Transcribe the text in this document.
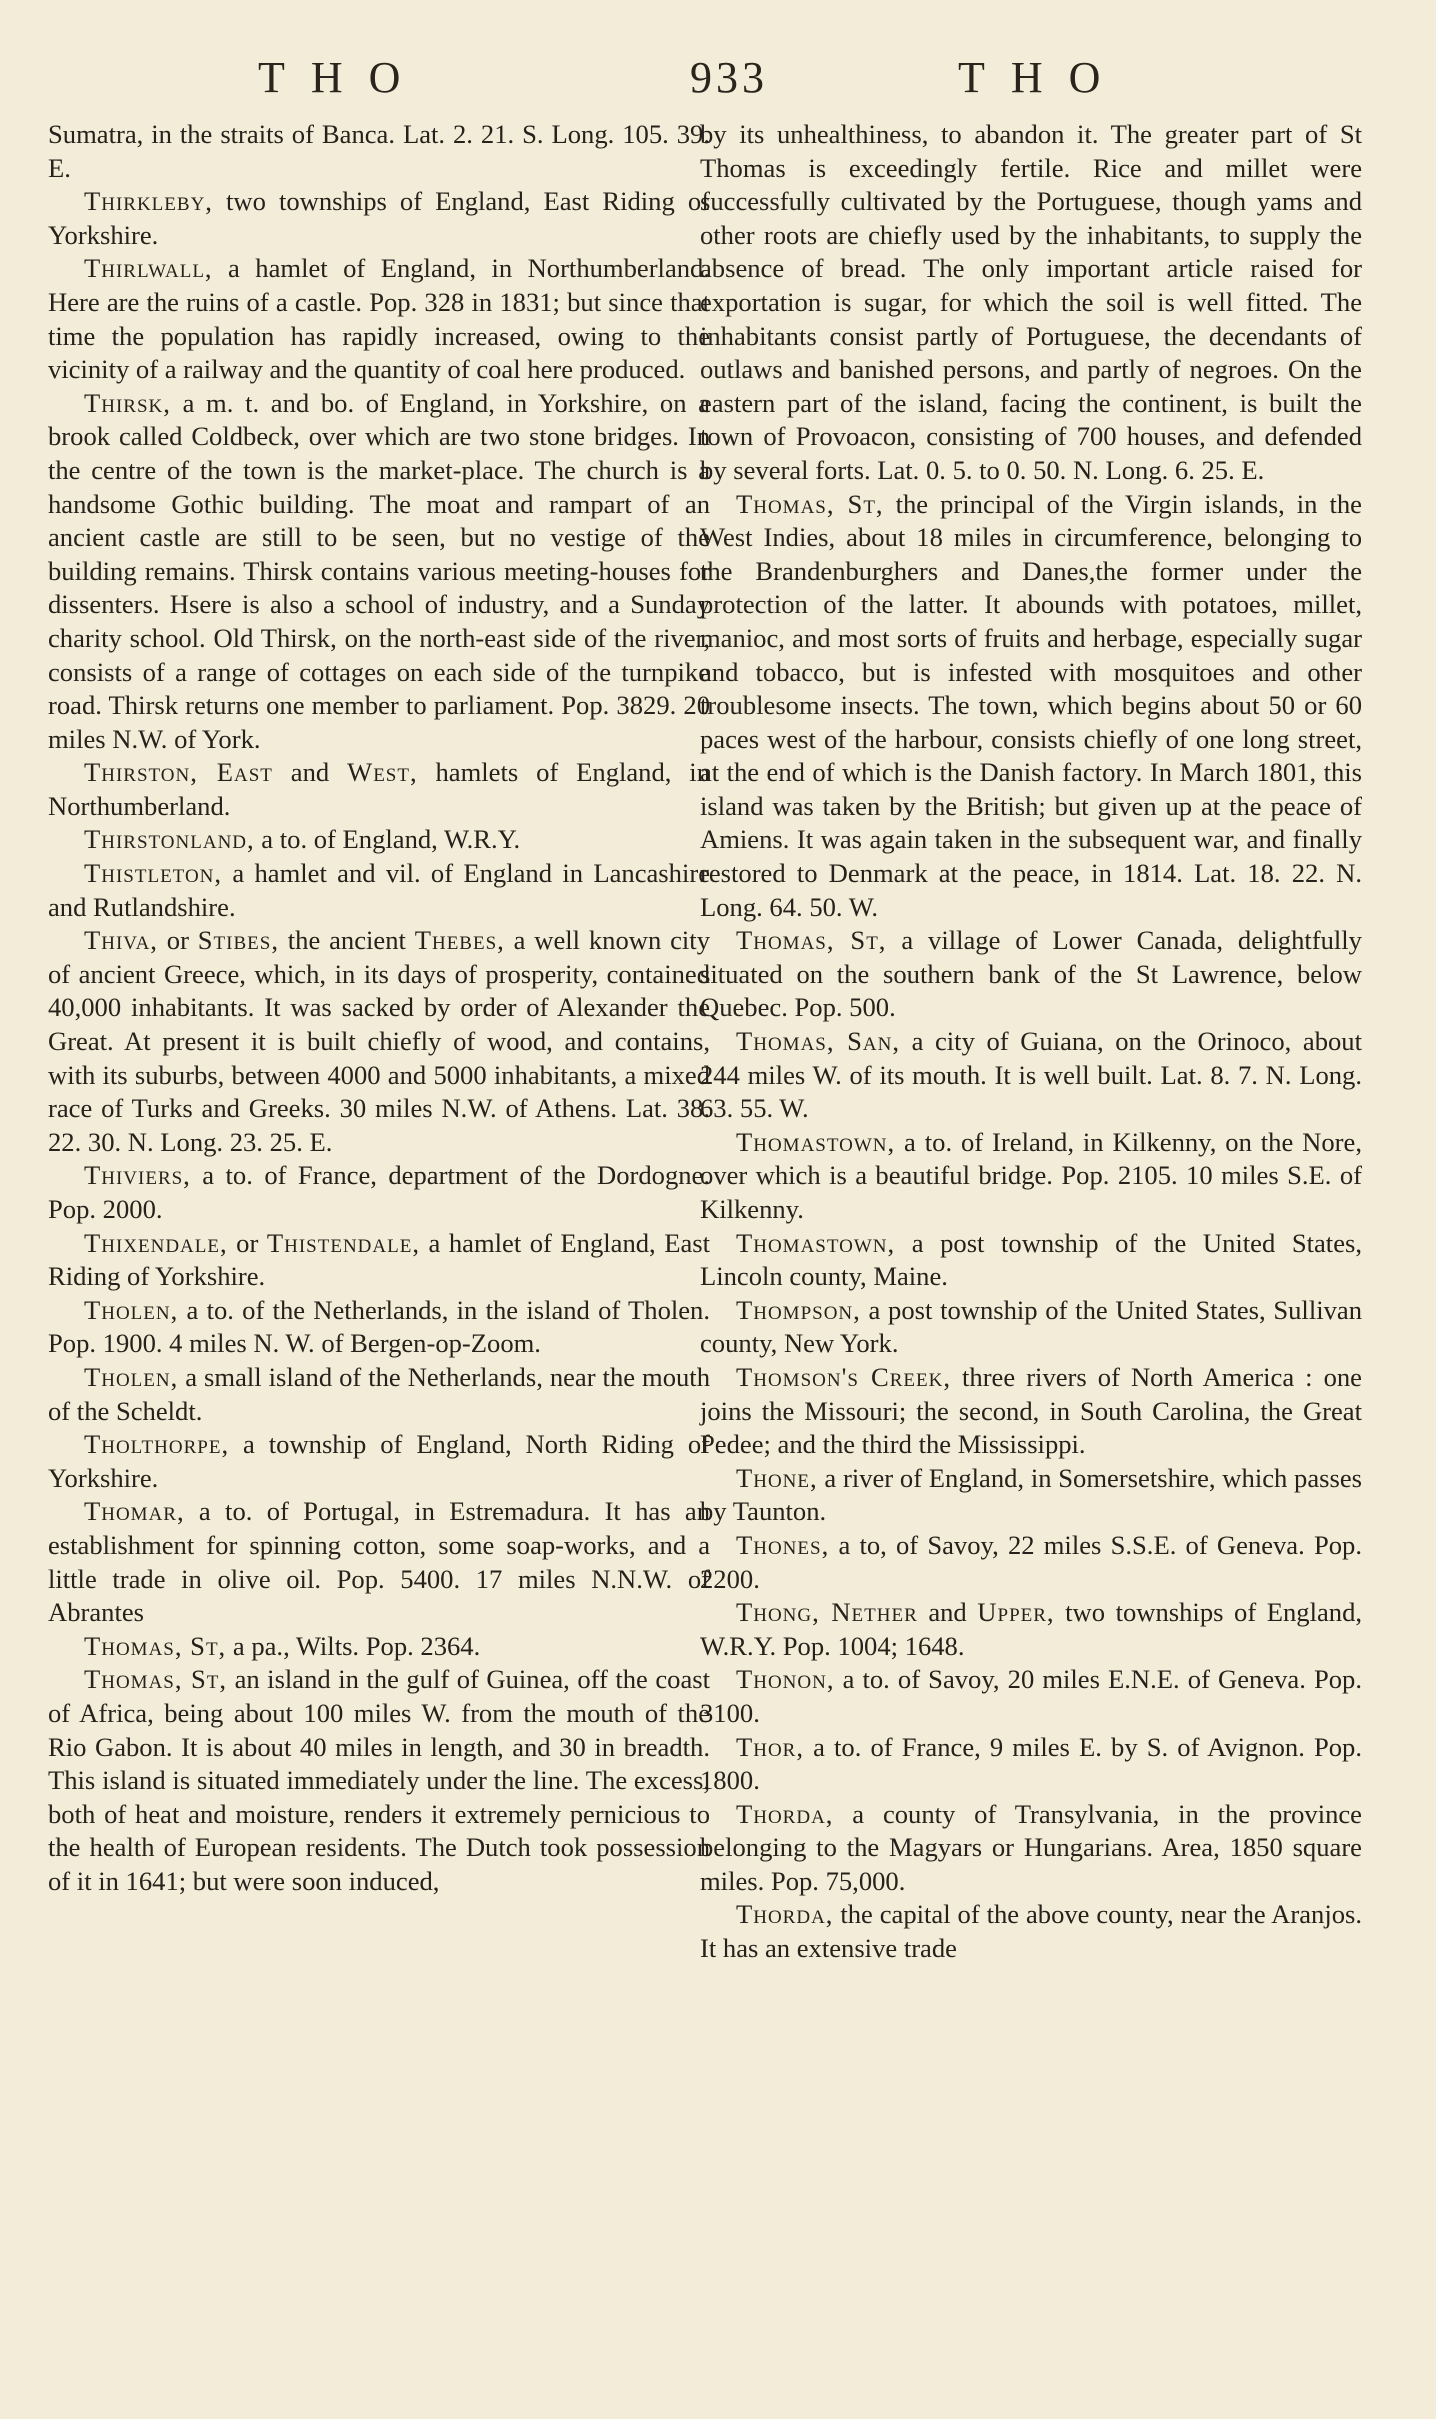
THO	933	THO

Sumatra, in the straits of Banca. Lat. 2. 21. S. Long. 105. 39. E.

Thirkleby, two townships of England, East Riding of Yorkshire.

Thirlwall, a hamlet of England, in Northumberland. Here are the ruins of a castle. Pop. 328 in 1831; but since that time the population has rapidly increased, owing to the vicinity of a railway and the quantity of coal here produced.

Thirsk, a m. t. and bo. of England, in Yorkshire, on a brook called Coldbeck, over which are two stone bridges. In the centre of the town is the market-place. The church is a handsome Gothic building. The moat and rampart of an ancient castle are still to be seen, but no vestige of the building remains. Thirsk contains various meeting-houses for dissenters. Hsere is also a school of industry, and a Sunday charity school. Old Thirsk, on the north-east side of the river, consists of a range of cottages on each side of the turnpike road. Thirsk returns one member to parliament. Pop. 3829. 20 miles N.W. of York.

Thirston, East and West, hamlets of England, in Northumberland.

Thirstonland, a to. of England, W.R.Y.

Thistleton, a hamlet and vil. of England in Lancashire and Rutlandshire.

Thiva, or Stibes, the ancient Thebes, a well known city of ancient Greece, which, in its days of prosperity, contained 40,000 inhabitants. It was sacked by order of Alexander the Great. At present it is built chiefly of wood, and contains, with its suburbs, between 4000 and 5000 inhabitants, a mixed race of Turks and Greeks. 30 miles N.W. of Athens. Lat. 38. 22. 30. N. Long. 23. 25. E.

Thiviers, a to. of France, department of the Dordogne. Pop. 2000.

Thixendale, or Thistendale, a hamlet of England, East Riding of Yorkshire.

Tholen, a to. of the Netherlands, in the island of Tholen. Pop. 1900. 4 miles N. W. of Bergen-op-Zoom.

Tholen, a small island of the Netherlands, near the mouth of the Scheldt.

Tholthorpe, a township of England, North Riding of Yorkshire.

Thomar, a to. of Portugal, in Estremadura. It has an establishment for spinning cotton, some soap-works, and a little trade in olive oil. Pop. 5400. 17 miles N.N.W. of Abrantes

Thomas, St, a pa., Wilts. Pop. 2364.

Thomas, St, an island in the gulf of Guinea, off the coast of Africa, being about 100 miles W. from the mouth of the Rio Gabon. It is about 40 miles in length, and 30 in breadth. This island is situated immediately under the line. The excess, both of heat and moisture, renders it extremely pernicious to the health of European residents. The Dutch took possession of it in 1641; but were soon induced,

by its unhealthiness, to abandon it. The greater part of St Thomas is exceedingly fertile. Rice and millet were successfully cultivated by the Portuguese, though yams and other roots are chiefly used by the inhabitants, to supply the absence of bread. The only important article raised for exportation is sugar, for which the soil is well fitted. The inhabitants consist partly of Portuguese, the decendants of outlaws and banished persons, and partly of negroes. On the eastern part of the island, facing the continent, is built the town of Provoacon, consisting of 700 houses, and defended by several forts. Lat. 0. 5. to 0. 50. N. Long. 6. 25. E.

Thomas, St, the principal of the Virgin islands, in the West Indies, about 18 miles in circumference, belonging to the Brandenburghers and Danes,the former under the protection of the latter. It abounds with potatoes, millet, manioc, and most sorts of fruits and herbage, especially sugar and tobacco, but is infested with mosquitoes and other troublesome insects. The town, which begins about 50 or 60 paces west of the harbour, consists chiefly of one long street, at the end of which is the Danish factory. In March 1801, this island was taken by the British; but given up at the peace of Amiens. It was again taken in the subsequent war, and finally restored to Denmark at the peace, in 1814. Lat. 18. 22. N. Long. 64. 50. W.

Thomas, St, a village of Lower Canada, delightfully situated on the southern bank of the St Lawrence, below Quebec. Pop. 500.

Thomas, San, a city of Guiana, on the Orinoco, about 244 miles W. of its mouth. It is well built. Lat. 8. 7. N. Long. 63. 55. W.

Thomastown, a to. of Ireland, in Kilkenny, on the Nore, over which is a beautiful bridge. Pop. 2105. 10 miles S.E. of Kilkenny.

Thomastown, a post township of the United States, Lincoln county, Maine.

Thompson, a post township of the United States, Sullivan county, New York.

Thomson's Creek, three rivers of North America : one joins the Missouri; the second, in South Carolina, the Great Pedee; and the third the Mississippi.

Thone, a river of England, in Somersetshire, which passes by Taunton.

Thones, a to, of Savoy, 22 miles S.S.E. of Geneva. Pop. 2200.

Thong, Nether and Upper, two townships of England, W.R.Y. Pop. 1004; 1648.

Thonon, a to. of Savoy, 20 miles E.N.E. of Geneva. Pop. 3100.

Thor, a to. of France, 9 miles E. by S. of Avignon. Pop. 1800.

Thorda, a county of Transylvania, in the province belonging to the Magyars or Hungarians. Area, 1850 square miles. Pop. 75,000.

Thorda, the capital of the above county, near the Aranjos. It has an extensive trade
